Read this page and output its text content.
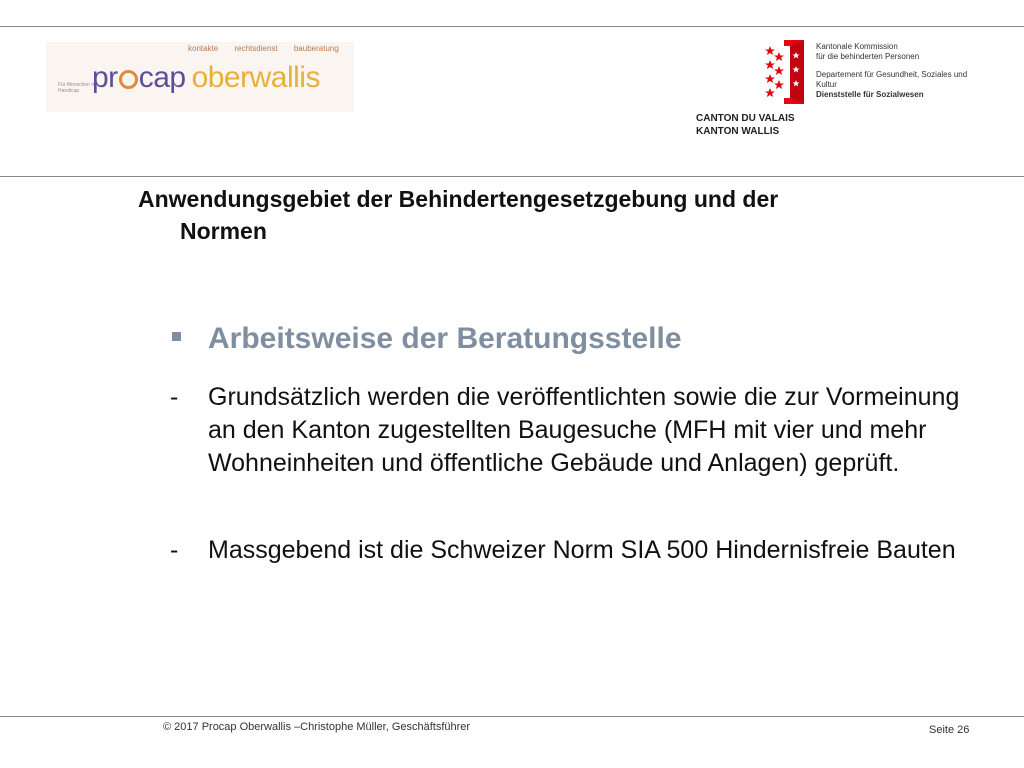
kontakte rechtsdienst bauberatung
Für Menschen mit Handicap pr cap oberwallis
Kantonale Kommission
für die behinderten Personen
Departement für Gesundheit, Soziales und Kultur
Dienststelle für Sozialwesen
CANTON DU VALAIS
KANTON WALLIS
Anwendungsgebiet der Behindertengesetzgebung und der
Normen
Arbeitsweise der Beratungsstelle
- Grundsätzlich werden die veröffentlichten sowie die zur Vormeinung an den Kanton zugestellten Baugesuche (MFH mit vier und mehr Wohneinheiten und öffentliche Gebäude und Anlagen) geprüft.
- Massgebend ist die Schweizer Norm SIA 500 Hindernisfreie Bauten
© 2017 Procap Oberwallis –Christophe Müller, Geschäftsführer	Seite 26
